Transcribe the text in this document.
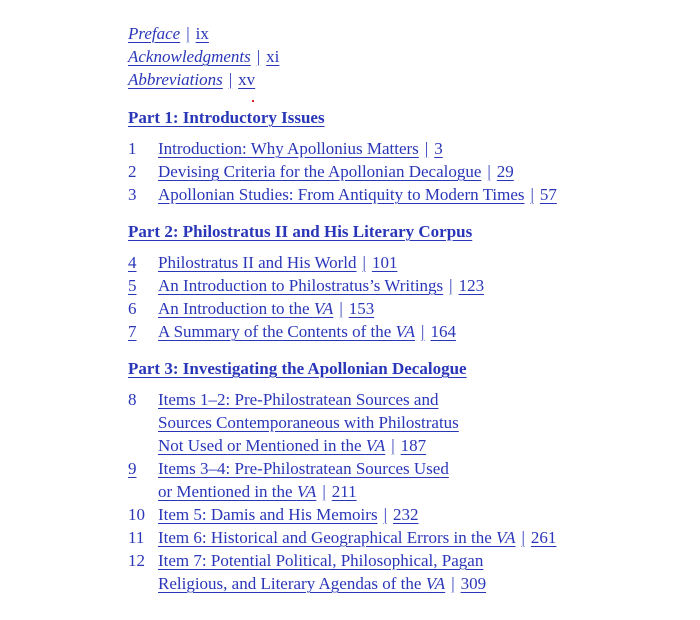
Preface | ix
Acknowledgments | xi
Abbreviations | xv
Part 1: Introductory Issues
1	Introduction: Why Apollonius Matters | 3
2	Devising Criteria for the Apollonian Decalogue | 29
3	Apollonian Studies: From Antiquity to Modern Times | 57
Part 2: Philostratus II and His Literary Corpus
4	Philostratus II and His World | 101
5	An Introduction to Philostratus’s Writings | 123
6	An Introduction to the VA | 153
7	A Summary of the Contents of the VA | 164
Part 3: Investigating the Apollonian Decalogue
8	Items 1–2: Pre-Philostratean Sources and
Sources Contemporaneous with Philostratus
Not Used or Mentioned in the VA | 187
9	Items 3–4: Pre-Philostratean Sources Used
or Mentioned in the VA | 211
10 Item 5: Damis and His Memoirs | 232
11 Item 6: Historical and Geographical Errors in the VA | 261
12 Item 7: Potential Political, Philosophical, Pagan
Religious, and Literary Agendas of the VA | 309
